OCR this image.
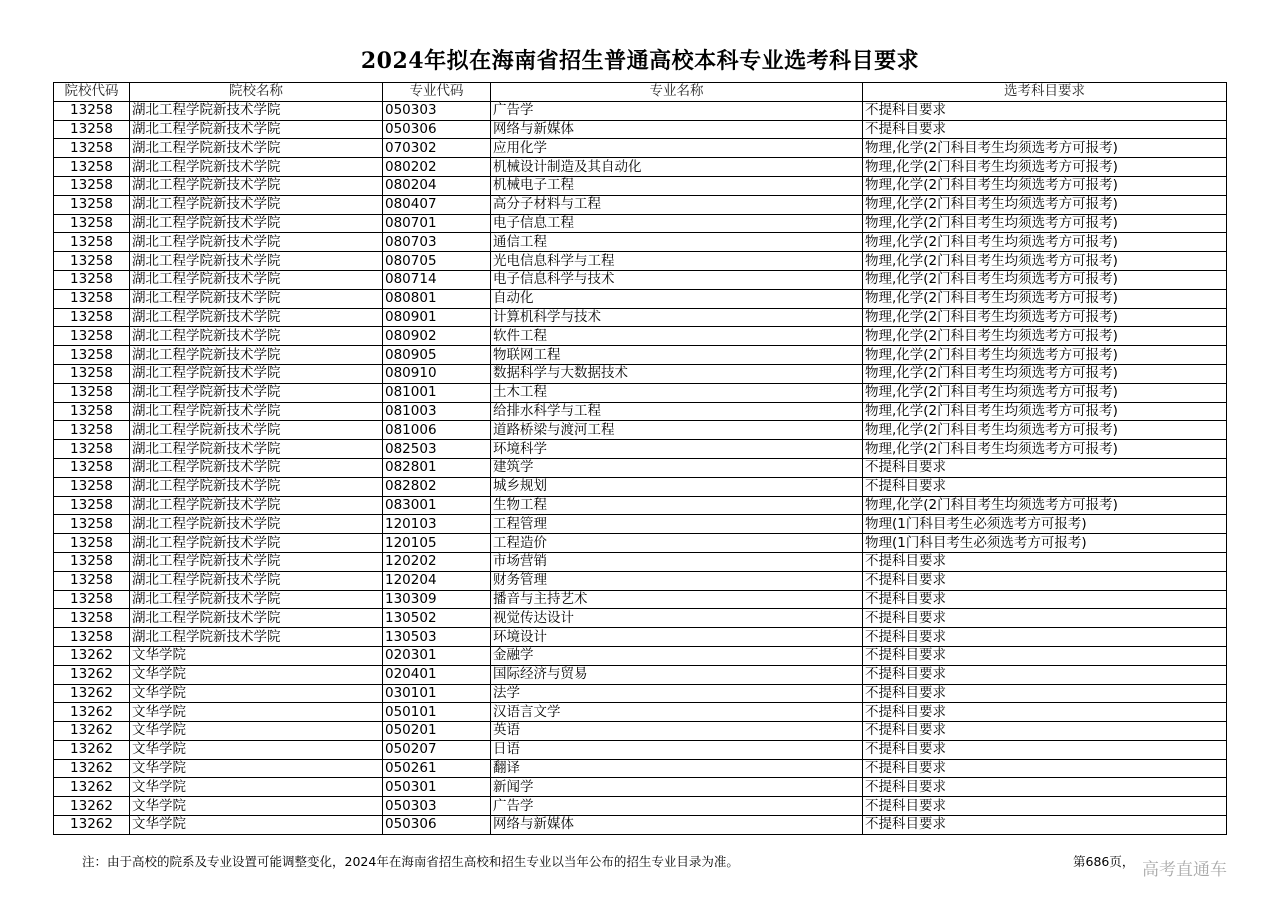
2024年拟在海南省招生普通高校本科专业选考科目要求
院校代码	院校名称	专业代码	专业名称	选考科目要求
13258	湖北工程学院新技术学院	050303	广告学	不提科目要求
13258	湖北工程学院新技术学院	050306	网络与新媒体	不提科目要求
13258	湖北工程学院新技术学院	070302	应用化学	物理,化学(2门科目考生均须选考方可报考)
13258	湖北工程学院新技术学院	080202	机械设计制造及其自动化	物理,化学(2门科目考生均须选考方可报考)
13258	湖北工程学院新技术学院	080204	机械电子工程	物理,化学(2门科目考生均须选考方可报考)
13258	湖北工程学院新技术学院	080407	高分子材料与工程	物理,化学(2门科目考生均须选考方可报考)
13258	湖北工程学院新技术学院	080701	电子信息工程	物理,化学(2门科目考生均须选考方可报考)
13258	湖北工程学院新技术学院	080703	通信工程	物理,化学(2门科目考生均须选考方可报考)
13258	湖北工程学院新技术学院	080705	光电信息科学与工程	物理,化学(2门科目考生均须选考方可报考)
13258	湖北工程学院新技术学院	080714	电子信息科学与技术	物理,化学(2门科目考生均须选考方可报考)
13258	湖北工程学院新技术学院	080801	自动化	物理,化学(2门科目考生均须选考方可报考)
13258	湖北工程学院新技术学院	080901	计算机科学与技术	物理,化学(2门科目考生均须选考方可报考)
13258	湖北工程学院新技术学院	080902	软件工程	物理,化学(2门科目考生均须选考方可报考)
13258	湖北工程学院新技术学院	080905	物联网工程	物理,化学(2门科目考生均须选考方可报考)
13258	湖北工程学院新技术学院	080910	数据科学与大数据技术	物理,化学(2门科目考生均须选考方可报考)
13258	湖北工程学院新技术学院	081001	土木工程	物理,化学(2门科目考生均须选考方可报考)
13258	湖北工程学院新技术学院	081003	给排水科学与工程	物理,化学(2门科目考生均须选考方可报考)
13258	湖北工程学院新技术学院	081006	道路桥梁与渡河工程	物理,化学(2门科目考生均须选考方可报考)
13258	湖北工程学院新技术学院	082503	环境科学	物理,化学(2门科目考生均须选考方可报考)
13258	湖北工程学院新技术学院	082801	建筑学	不提科目要求
13258	湖北工程学院新技术学院	082802	城乡规划	不提科目要求
13258	湖北工程学院新技术学院	083001	生物工程	物理,化学(2门科目考生均须选考方可报考)
13258	湖北工程学院新技术学院	120103	工程管理	物理(1门科目考生必须选考方可报考)
13258	湖北工程学院新技术学院	120105	工程造价	物理(1门科目考生必须选考方可报考)
13258	湖北工程学院新技术学院	120202	市场营销	不提科目要求
13258	湖北工程学院新技术学院	120204	财务管理	不提科目要求
13258	湖北工程学院新技术学院	130309	播音与主持艺术	不提科目要求
13258	湖北工程学院新技术学院	130502	视觉传达设计	不提科目要求
13258	湖北工程学院新技术学院	130503	环境设计	不提科目要求
13262	文华学院	020301	金融学	不提科目要求
13262	文华学院	020401	国际经济与贸易	不提科目要求
13262	文华学院	030101	法学	不提科目要求
13262	文华学院	050101	汉语言文学	不提科目要求
13262	文华学院	050201	英语	不提科目要求
13262	文华学院	050207	日语	不提科目要求
13262	文华学院	050261	翻译	不提科目要求
13262	文华学院	050301	新闻学	不提科目要求
13262	文华学院	050303	广告学	不提科目要求
13262	文华学院	050306	网络与新媒体	不提科目要求
注：由于高校的院系及专业设置可能调整变化，2024年在海南省招生高校和招生专业以当年公布的招生专业目录为准。	第686页， 高考直通车
